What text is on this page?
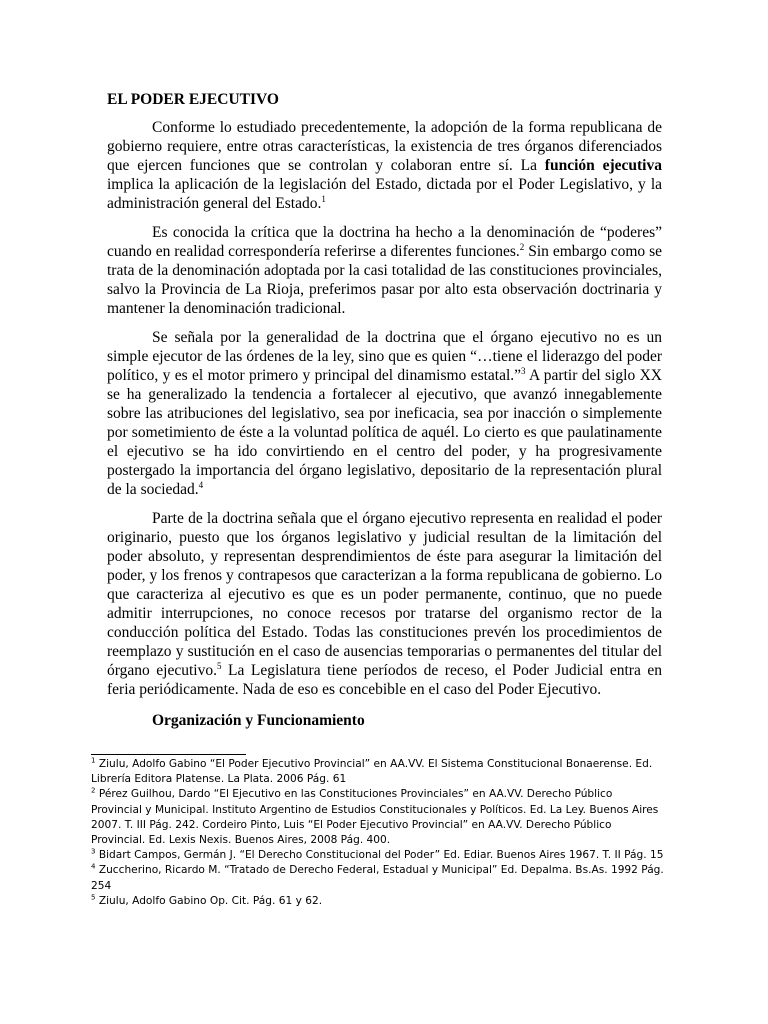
EL PODER EJECUTIVO

Conforme lo estudiado precedentemente, la adopción de la forma republicana de gobierno requiere, entre otras características, la existencia de tres órganos diferenciados que ejercen funciones que se controlan y colaboran entre sí. La función ejecutiva implica la aplicación de la legislación del Estado, dictada por el Poder Legislativo, y la administración general del Estado.$^1$

Es conocida la crítica que la doctrina ha hecho a la denominación de “poderes” cuando en realidad correspondería referirse a diferentes funciones.$^2$ Sin embargo como se trata de la denominación adoptada por la casi totalidad de las constituciones provinciales, salvo la Provincia de La Rioja, preferimos pasar por alto esta observación doctrinaria y mantener la denominación tradicional.

Se señala por la generalidad de la doctrina que el órgano ejecutivo no es un simple ejecutor de las órdenes de la ley, sino que es quien “…tiene el liderazgo del poder político, y es el motor primero y principal del dinamismo estatal.”$^3$ A partir del siglo XX se ha generalizado la tendencia a fortalecer al ejecutivo, que avanzó innegablemente sobre las atribuciones del legislativo, sea por ineficacia, sea por inacción o simplemente por sometimiento de éste a la voluntad política de aquél. Lo cierto es que paulatinamente el ejecutivo se ha ido convirtiendo en el centro del poder, y ha progresivamente postergado la importancia del órgano legislativo, depositario de la representación plural de la sociedad.$^4$

Parte de la doctrina señala que el órgano ejecutivo representa en realidad el poder originario, puesto que los órganos legislativo y judicial resultan de la limitación del poder absoluto, y representan desprendimientos de éste para asegurar la limitación del poder, y los frenos y contrapesos que caracterizan a la forma republicana de gobierno. Lo que caracteriza al ejecutivo es que es un poder permanente, continuo, que no puede admitir interrupciones, no conoce recesos por tratarse del organismo rector de la conducción política del Estado. Todas las constituciones prevén los procedimientos de reemplazo y sustitución en el caso de ausencias temporarias o permanentes del titular del órgano ejecutivo.$^5$ La Legislatura tiene períodos de receso, el Poder Judicial entra en feria periódicamente. Nada de eso es concebible en el caso del Poder Ejecutivo.

Organización y Funcionamiento

$^1$ Ziulu, Adolfo Gabino “El Poder Ejecutivo Provincial” en AA.VV. El Sistema Constitucional Bonaerense. Ed. Librería Editora Platense. La Plata. 2006 Pág. 61

$^2$ Pérez Guilhou, Dardo “El Ejecutivo en las Constituciones Provinciales” en AA.VV. Derecho Público Provincial y Municipal. Instituto Argentino de Estudios Constitucionales y Políticos. Ed. La Ley. Buenos Aires 2007. T. III Pág. 242. Cordeiro Pinto, Luis “El Poder Ejecutivo Provincial” en AA.VV. Derecho Público Provincial. Ed. Lexis Nexis. Buenos Aires, 2008 Pág. 400.

$^3$ Bidart Campos, Germán J. “El Derecho Constitucional del Poder” Ed. Ediar. Buenos Aires 1967. T. II Pág. 15

$^4$ Zuccherino, Ricardo M. “Tratado de Derecho Federal, Estadual y Municipal” Ed. Depalma. Bs.As. 1992 Pág. 254

$^5$ Ziulu, Adolfo Gabino Op. Cit. Pág. 61 y 62.
